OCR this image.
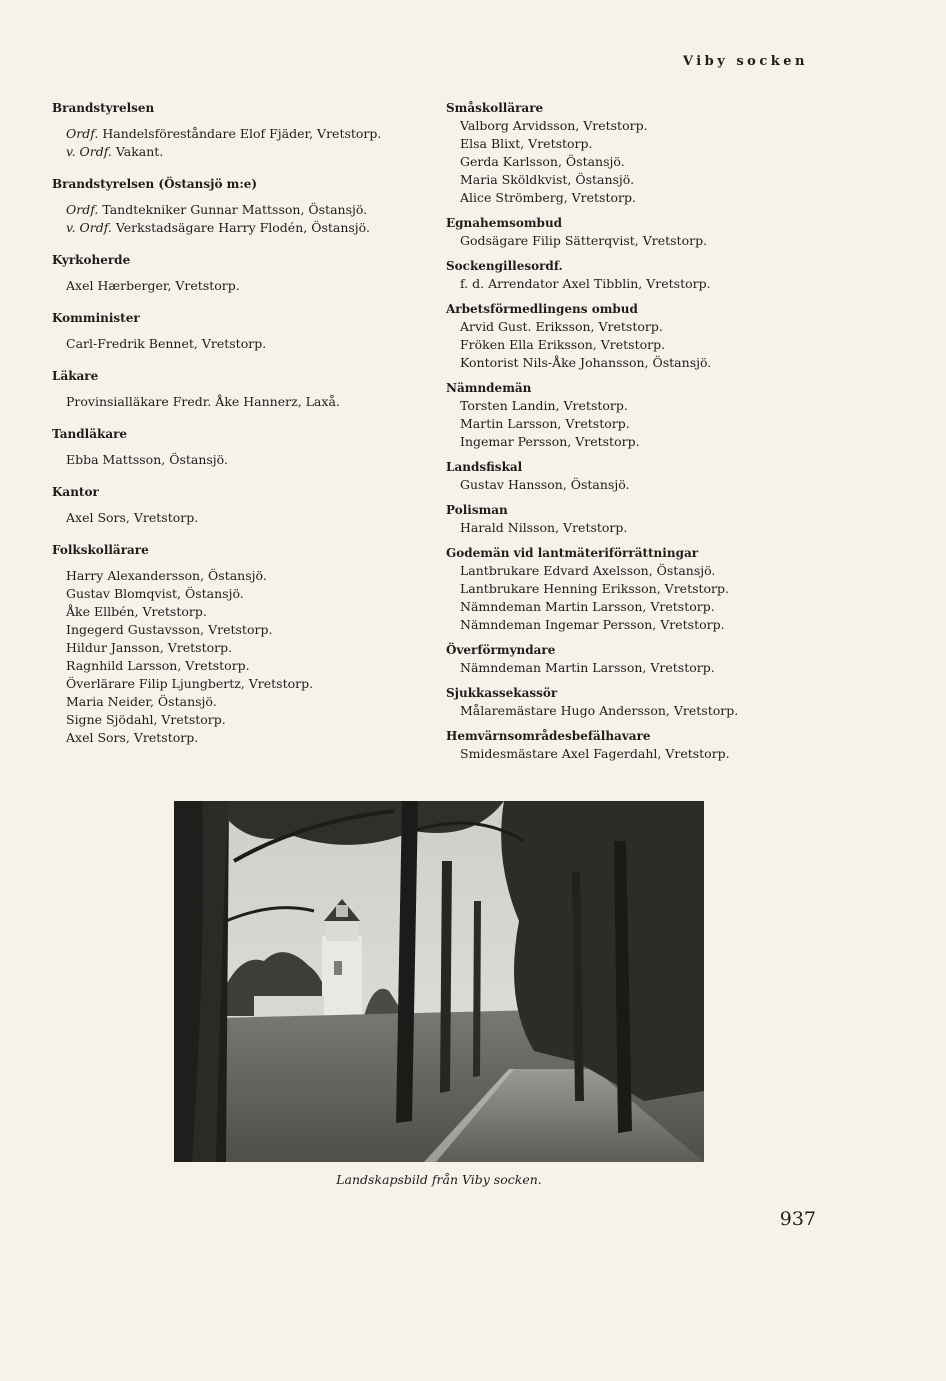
Viby socken
Brandstyrelsen
Ordf. Handelsföreståndare Elof Fjäder, Vretstorp.
v. Ordf. Vakant.
Brandstyrelsen (Östansjö m:e)
Ordf. Tandtekniker Gunnar Mattsson, Östansjö.
v. Ordf. Verkstadsägare Harry Flodén, Östansjö.
Kyrkoherde
Axel Hærberger, Vretstorp.
Komminister
Carl-Fredrik Bennet, Vretstorp.
Läkare
Provinsialläkare Fredr. Åke Hannerz, Laxå.
Tandläkare
Ebba Mattsson, Östansjö.
Kantor
Axel Sors, Vretstorp.
Folkskollärare
Harry Alexandersson, Östansjö.
Gustav Blomqvist, Östansjö.
Åke Ellbén, Vretstorp.
Ingegerd Gustavsson, Vretstorp.
Hildur Jansson, Vretstorp.
Ragnhild Larsson, Vretstorp.
Överlärare Filip Ljungbertz, Vretstorp.
Maria Neider, Östansjö.
Signe Sjödahl, Vretstorp.
Axel Sors, Vretstorp.
Småskollärare
Valborg Arvidsson, Vretstorp.
Elsa Blixt, Vretstorp.
Gerda Karlsson, Östansjö.
Maria Sköldkvist, Östansjö.
Alice Strömberg, Vretstorp.
Egnahemsombud
Godsägare Filip Sätterqvist, Vretstorp.
Sockengillesordf.
f. d. Arrendator Axel Tibblin, Vretstorp.
Arbetsförmedlingens ombud
Arvid Gust. Eriksson, Vretstorp.
Fröken Ella Eriksson, Vretstorp.
Kontorist Nils-Åke Johansson, Östansjö.
Nämndemän
Torsten Landin, Vretstorp.
Martin Larsson, Vretstorp.
Ingemar Persson, Vretstorp.
Landsfiskal
Gustav Hansson, Östansjö.
Polisman
Harald Nilsson, Vretstorp.
Godemän vid lantmäteriförrättningar
Lantbrukare Edvard Axelsson, Östansjö.
Lantbrukare Henning Eriksson, Vretstorp.
Nämndeman Martin Larsson, Vretstorp.
Nämndeman Ingemar Persson, Vretstorp.
Överförmyndare
Nämndeman Martin Larsson, Vretstorp.
Sjukkassekassör
Målaremästare Hugo Andersson, Vretstorp.
Hemvärnsområdesbefälhavare
Smidesmästare Axel Fagerdahl, Vretstorp.
Landskapsbild från Viby socken.
937
